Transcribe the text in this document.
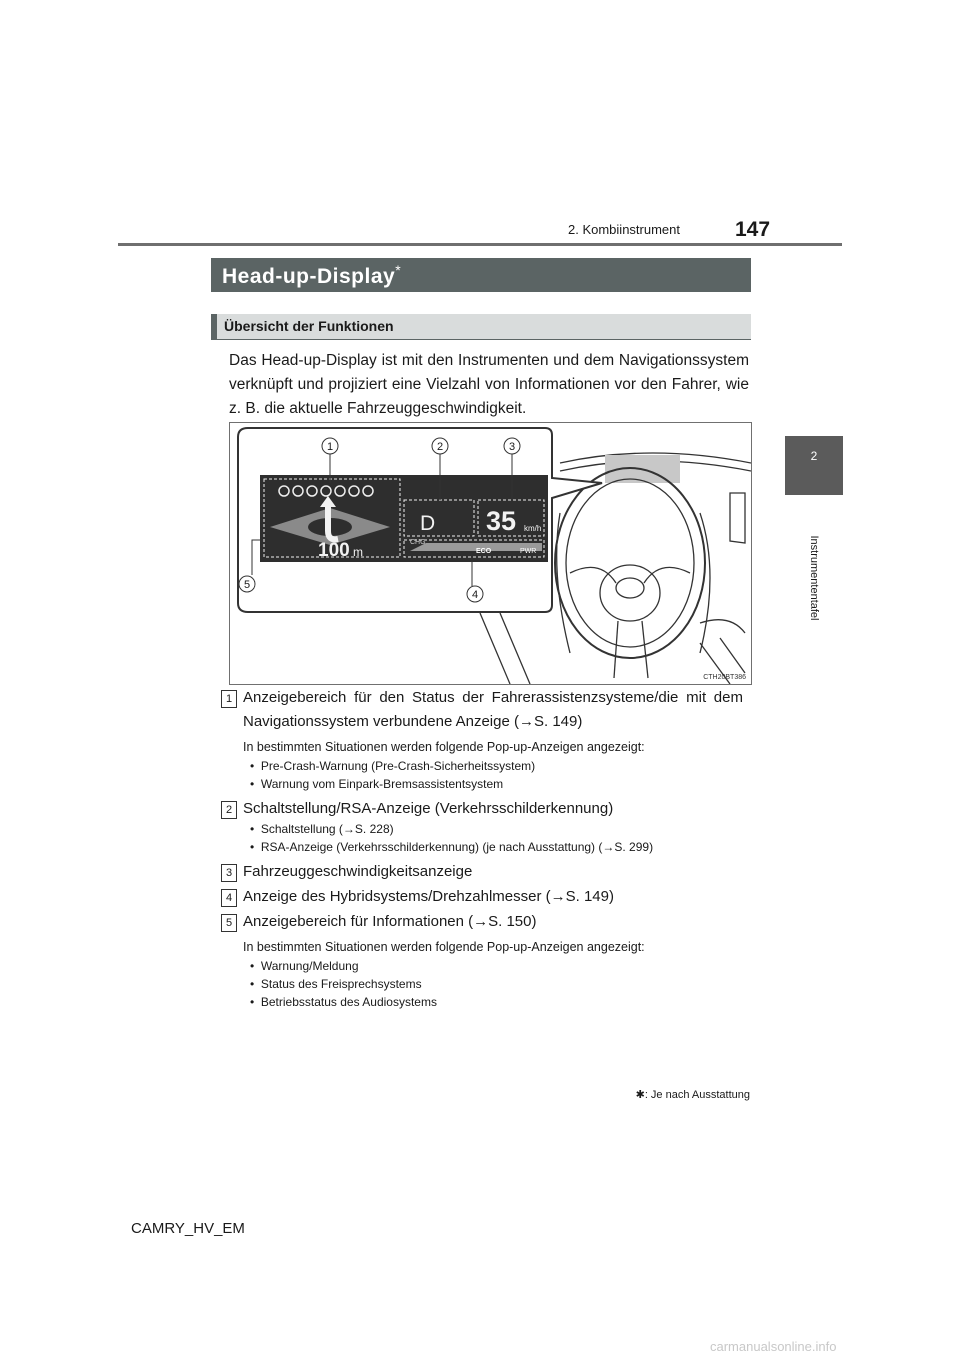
2. Kombiinstrument	147
2
Instrumententafel
Head-up-Display*
Übersicht der Funktionen
Das Head-up-Display ist mit den Instrumenten und dem Navigationssystem verknüpft und projiziert eine Vielzahl von Informationen vor den Fahrer, wie z. B. die aktuelle Fahrzeuggeschwindigkeit.
100 m
D 35 km/h
CHG
ECO	PWR
1	2	3
4
5
CTH20BT386
1 Anzeigebereich für den Status der Fahrerassistenzsysteme/die mit dem Navigationssystem verbundene Anzeige (→S. 149)
In bestimmten Situationen werden folgende Pop-up-Anzeigen angezeigt:
•  Pre-Crash-Warnung (Pre-Crash-Sicherheitssystem)
•  Warnung vom Einpark-Bremsassistentsystem
2 Schaltstellung/RSA-Anzeige (Verkehrsschilderkennung)
•  Schaltstellung (→S. 228)
•  RSA-Anzeige (Verkehrsschilderkennung) (je nach Ausstattung) (→S. 299)
3 Fahrzeuggeschwindigkeitsanzeige
4 Anzeige des Hybridsystems/Drehzahlmesser (→S. 149)
5 Anzeigebereich für Informationen (→S. 150)
In bestimmten Situationen werden folgende Pop-up-Anzeigen angezeigt:
•  Warnung/Meldung
•  Status des Freisprechsystems
•  Betriebsstatus des Audiosystems
✱: Je nach Ausstattung
CAMRY_HV_EM
carmanualsonline.info
